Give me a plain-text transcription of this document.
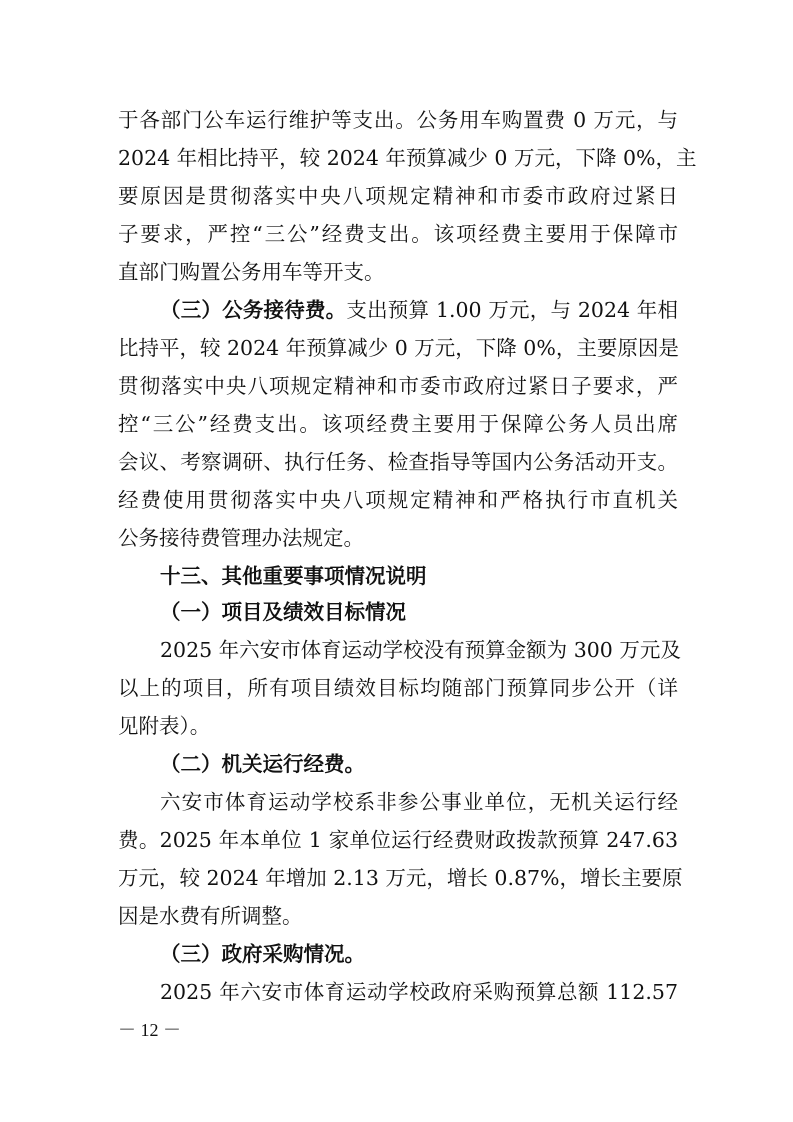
于各部门公车运行维护等支出。公务用车购置费 0 万元，与
2024 年相比持平，较 2024 年预算减少 0 万元，下降 0%，主
要原因是贯彻落实中央八项规定精神和市委市政府过紧日
子要求，严控“三公”经费支出。该项经费主要用于保障市
直部门购置公务用车等开支。
（三）公务接待费。支出预算 1.00 万元，与 2024 年相
比持平，较 2024 年预算减少 0 万元，下降 0%，主要原因是
贯彻落实中央八项规定精神和市委市政府过紧日子要求，严
控“三公”经费支出。该项经费主要用于保障公务人员出席
会议、考察调研、执行任务、检查指导等国内公务活动开支。
经费使用贯彻落实中央八项规定精神和严格执行市直机关
公务接待费管理办法规定。
十三、其他重要事项情况说明
（一）项目及绩效目标情况
2025 年六安市体育运动学校没有预算金额为 300 万元及
以上的项目，所有项目绩效目标均随部门预算同步公开（详
见附表）。
（二）机关运行经费。
六安市体育运动学校系非参公事业单位，无机关运行经
费。2025 年本单位 1 家单位运行经费财政拨款预算 247.63
万元，较 2024 年增加 2.13 万元，增长 0.87%，增长主要原
因是水费有所调整。
（三）政府采购情况。
2025 年六安市体育运动学校政府采购预算总额 112.57
－ 12 －
